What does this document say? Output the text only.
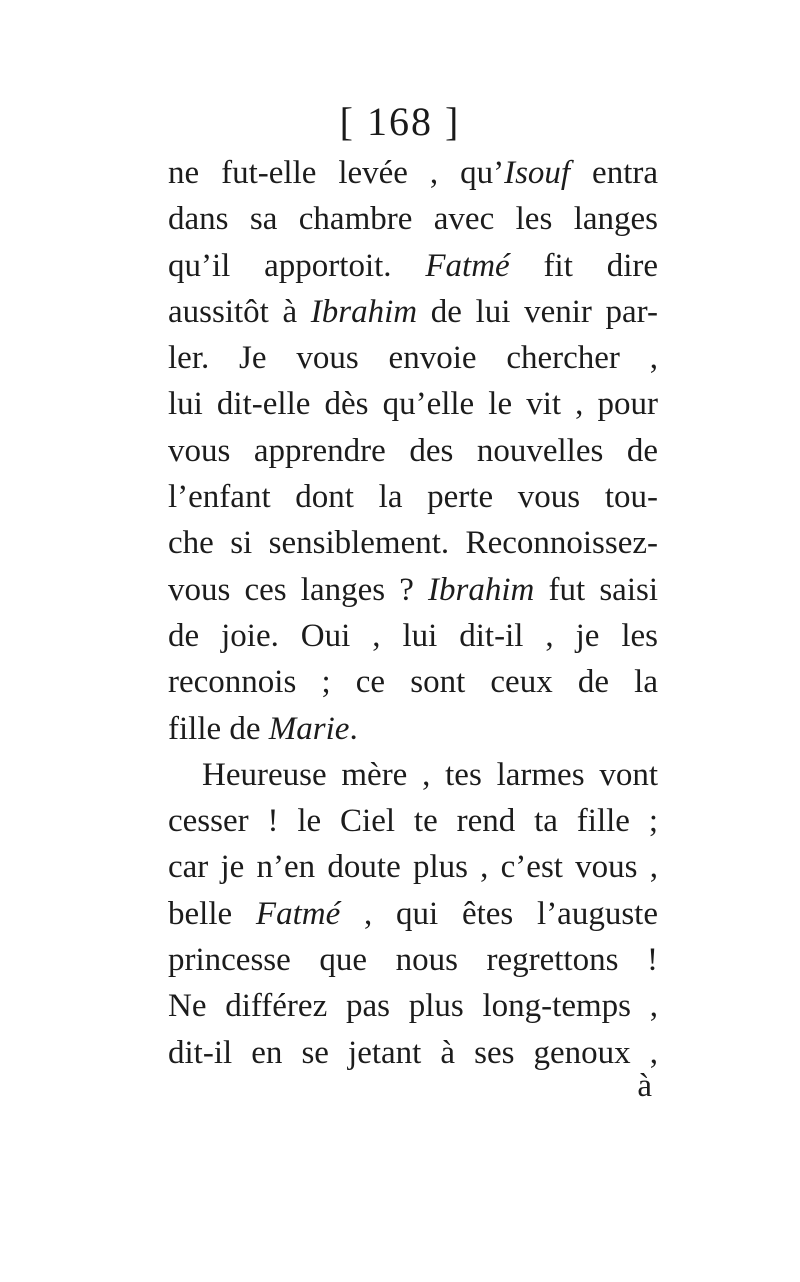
[ 168 ]
ne fut-elle levée , qu’Isouf entra
dans sa chambre avec les langes
qu’il apportoit. Fatmé fit dire
aussitôt à Ibrahim de lui venir par-
ler. Je vous envoie chercher ,
lui dit-elle dès qu’elle le vit , pour
vous apprendre des nouvelles de
l’enfant dont la perte vous tou-
che si sensiblement. Reconnoissez-
vous ces langes ? Ibrahim fut saisi
de joie. Oui , lui dit-il , je les
reconnois ; ce sont ceux de la
fille de Marie.
Heureuse mère , tes larmes vont
cesser ! le Ciel te rend ta fille ;
car je n’en doute plus , c’est vous ,
belle Fatmé , qui êtes l’auguste
princesse que nous regrettons !
Ne différez pas plus long-temps ,
dit-il en se jetant à ses genoux ,
à
